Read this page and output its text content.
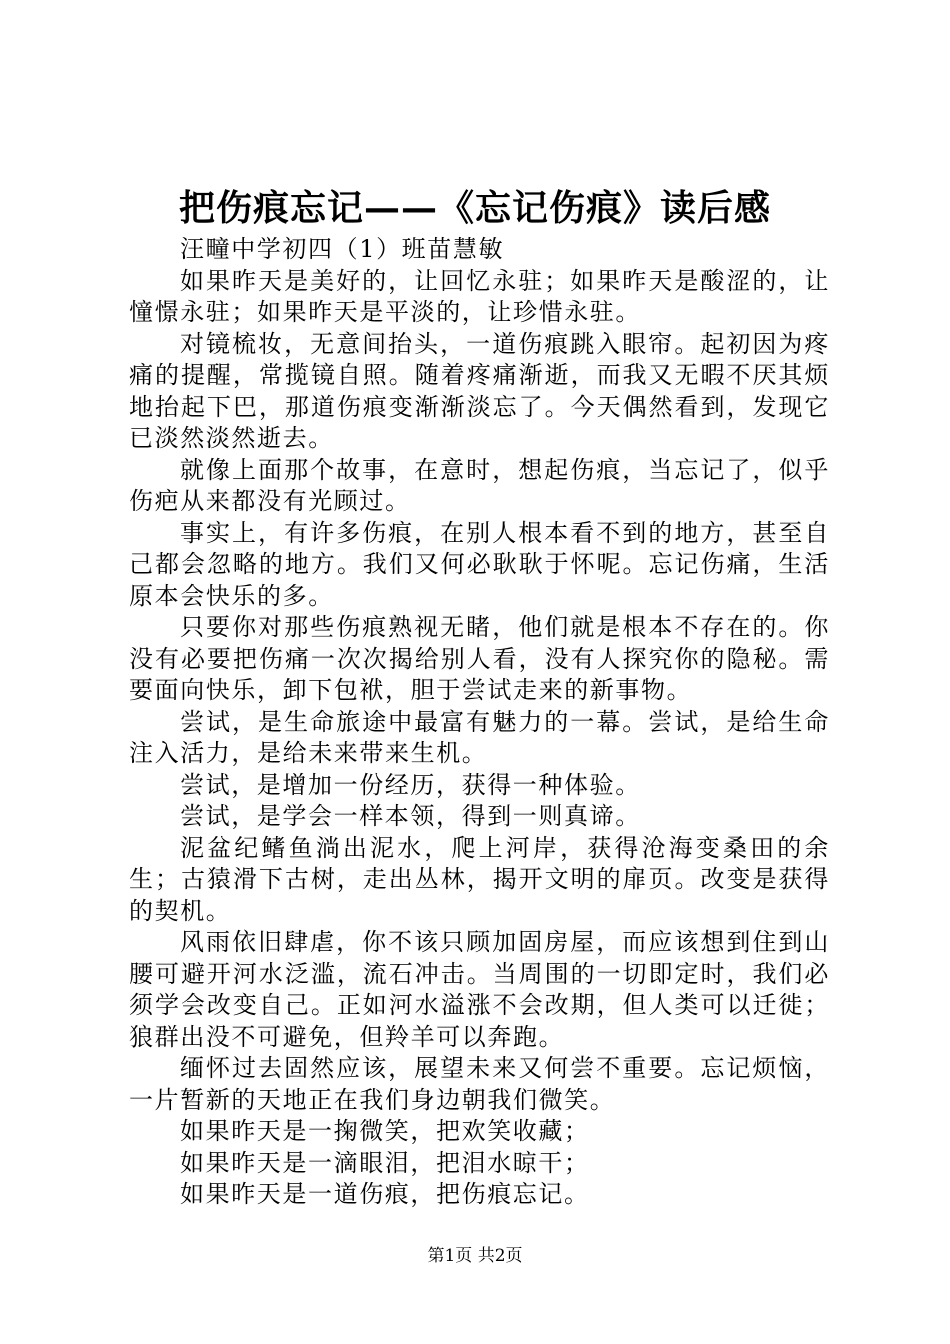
把伤痕忘记——《忘记伤痕》读后感

汪疃中学初四（1）班苗慧敏

如果昨天是美好的，让回忆永驻；如果昨天是酸涩的，让憧憬永驻；如果昨天是平淡的，让珍惜永驻。

对镜梳妆，无意间抬头，一道伤痕跳入眼帘。起初因为疼痛的提醒，常揽镜自照。随着疼痛渐逝，而我又无暇不厌其烦地抬起下巴，那道伤痕变渐渐淡忘了。今天偶然看到，发现它已淡然淡然逝去。

就像上面那个故事，在意时，想起伤痕，当忘记了，似乎伤疤从来都没有光顾过。

事实上，有许多伤痕，在别人根本看不到的地方，甚至自己都会忽略的地方。我们又何必耿耿于怀呢。忘记伤痛，生活原本会快乐的多。

只要你对那些伤痕熟视无睹，他们就是根本不存在的。你没有必要把伤痛一次次揭给别人看，没有人探究你的隐秘。需要面向快乐，卸下包袱，胆于尝试走来的新事物。

尝试，是生命旅途中最富有魅力的一幕。尝试，是给生命注入活力，是给未来带来生机。

尝试，是增加一份经历，获得一种体验。

尝试，是学会一样本领，得到一则真谛。

泥盆纪鳍鱼淌出泥水，爬上河岸，获得沧海变桑田的余生；古猿滑下古树，走出丛林，揭开文明的扉页。改变是获得的契机。

风雨依旧肆虐，你不该只顾加固房屋，而应该想到住到山腰可避开河水泛滥，流石冲击。当周围的一切即定时，我们必须学会改变自己。正如河水溢涨不会改期，但人类可以迁徙；狼群出没不可避免，但羚羊可以奔跑。

缅怀过去固然应该，展望未来又何尝不重要。忘记烦恼，一片暂新的天地正在我们身边朝我们微笑。

如果昨天是一掬微笑，把欢笑收藏；

如果昨天是一滴眼泪，把泪水晾干；

如果昨天是一道伤痕，把伤痕忘记。

第1页 共2页
